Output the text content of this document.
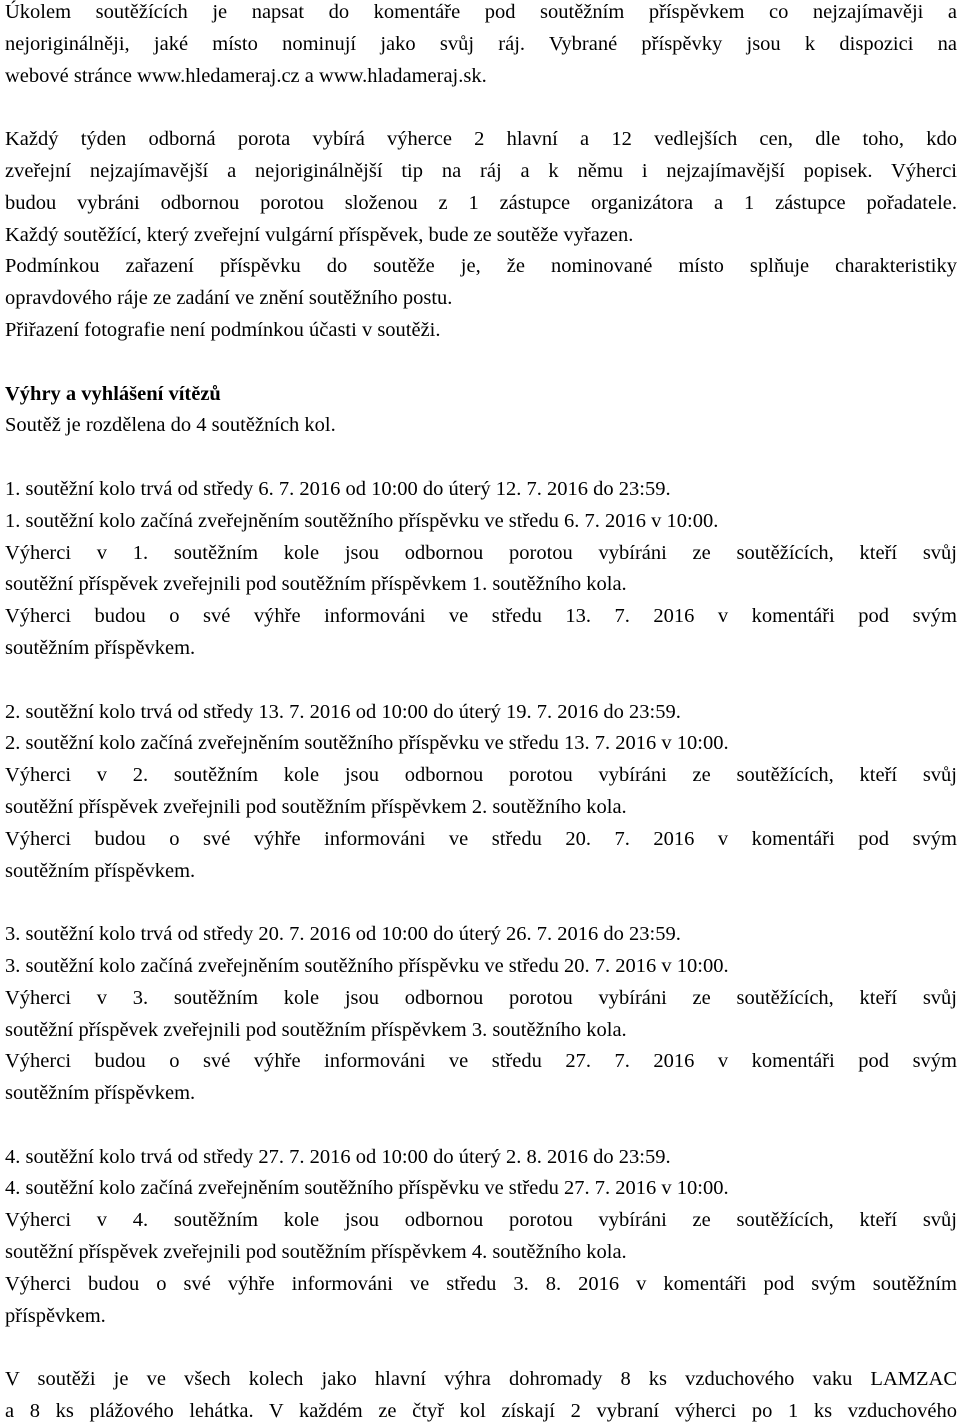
Úkolem soutěžících je napsat do komentáře pod soutěžním příspěvkem co nejzajímavěji a

nejoriginálněji, jaké místo nominují jako svůj ráj. Vybrané příspěvky jsou k dispozici na

webové stránce www.hledameraj.cz a www.hladameraj.sk.

Každý týden odborná porota vybírá výherce 2 hlavní a 12 vedlejších cen, dle toho, kdo

zveřejní nejzajímavější a nejoriginálnější tip na ráj a k němu i nejzajímavější popisek. Výherci

budou vybráni odbornou porotou složenou z 1 zástupce organizátora a 1 zástupce pořadatele.

Každý soutěžící, který zveřejní vulgární příspěvek, bude ze soutěže vyřazen.

Podmínkou zařazení příspěvku do soutěže je, že nominované místo splňuje charakteristiky

opravdového ráje ze zadání ve znění soutěžního postu.

Přiřazení fotografie není podmínkou účasti v soutěži.

Výhry a vyhlášení vítězů

Soutěž je rozdělena do 4 soutěžních kol.

1. soutěžní kolo trvá od středy 6. 7. 2016 od 10:00 do úterý 12. 7. 2016 do 23:59.

1. soutěžní kolo začíná zveřejněním soutěžního příspěvku ve středu 6. 7. 2016 v 10:00.

Výherci v 1. soutěžním kole jsou odbornou porotou vybíráni ze soutěžících, kteří svůj

soutěžní příspěvek zveřejnili pod soutěžním příspěvkem 1. soutěžního kola.

Výherci budou o své výhře informováni ve středu 13. 7. 2016 v komentáři pod svým

soutěžním příspěvkem.

2. soutěžní kolo trvá od středy 13. 7. 2016 od 10:00 do úterý 19. 7. 2016 do 23:59.

2. soutěžní kolo začíná zveřejněním soutěžního příspěvku ve středu 13. 7. 2016 v 10:00.

Výherci v 2. soutěžním kole jsou odbornou porotou vybíráni ze soutěžících, kteří svůj

soutěžní příspěvek zveřejnili pod soutěžním příspěvkem 2. soutěžního kola.

Výherci budou o své výhře informováni ve středu 20. 7. 2016 v komentáři pod svým

soutěžním příspěvkem.

3. soutěžní kolo trvá od středy 20. 7. 2016 od 10:00 do úterý 26. 7. 2016 do 23:59.

3. soutěžní kolo začíná zveřejněním soutěžního příspěvku ve středu 20. 7. 2016 v 10:00.

Výherci v 3. soutěžním kole jsou odbornou porotou vybíráni ze soutěžících, kteří svůj

soutěžní příspěvek zveřejnili pod soutěžním příspěvkem 3. soutěžního kola.

Výherci budou o své výhře informováni ve středu 27. 7. 2016 v komentáři pod svým

soutěžním příspěvkem.

4. soutěžní kolo trvá od středy 27. 7. 2016 od 10:00 do úterý 2. 8. 2016 do 23:59.

4. soutěžní kolo začíná zveřejněním soutěžního příspěvku ve středu 27. 7. 2016 v 10:00.

Výherci v 4. soutěžním kole jsou odbornou porotou vybíráni ze soutěžících, kteří svůj

soutěžní příspěvek zveřejnili pod soutěžním příspěvkem 4. soutěžního kola.

Výherci budou o své výhře informováni ve středu 3. 8. 2016 v komentáři pod svým soutěžním

příspěvkem.

V soutěži je ve všech kolech jako hlavní výhra dohromady 8 ks vzduchového vaku LAMZAC

a 8 ks plážového lehátka. V každém ze čtyř kol získají 2 vybraní výherci po 1 ks vzduchového
